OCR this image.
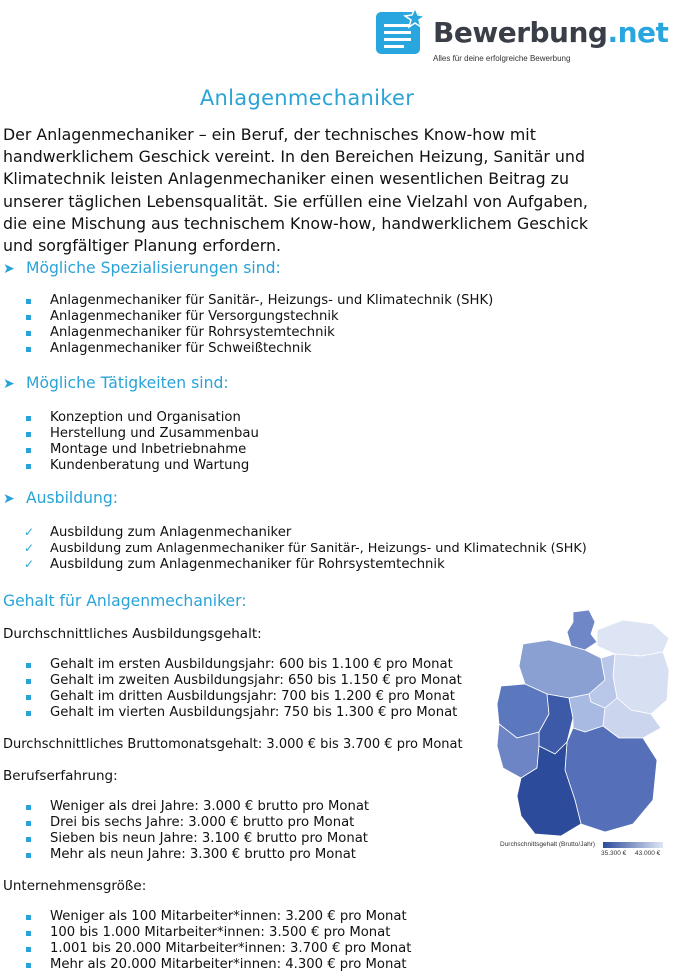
Bewerbung.net
Alles für deine erfolgreiche Bewerbung
Anlagenmechaniker
Der Anlagenmechaniker – ein Beruf, der technisches Know-how mit handwerklichem Geschick vereint. In den Bereichen Heizung, Sanitär und Klimatechnik leisten Anlagenmechaniker einen wesentlichen Beitrag zu unserer täglichen Lebensqualität. Sie erfüllen eine Vielzahl von Aufgaben, die eine Mischung aus technischem Know-how, handwerklichem Geschick und sorgfältiger Planung erfordern.
➤ Mögliche Spezialisierungen sind:
Anlagenmechaniker für Sanitär-, Heizungs- und Klimatechnik (SHK)
Anlagenmechaniker für Versorgungstechnik
Anlagenmechaniker für Rohrsystemtechnik
Anlagenmechaniker für Schweißtechnik
➤ Mögliche Tätigkeiten sind:
Konzeption und Organisation
Herstellung und Zusammenbau
Montage und Inbetriebnahme
Kundenberatung und Wartung
➤ Ausbildung:
✓ Ausbildung zum Anlagenmechaniker
✓ Ausbildung zum Anlagenmechaniker für Sanitär-, Heizungs- und Klimatechnik (SHK)
✓ Ausbildung zum Anlagenmechaniker für Rohrsystemtechnik
Gehalt für Anlagenmechaniker:
Durchschnittliches Ausbildungsgehalt:
Gehalt im ersten Ausbildungsjahr: 600 bis 1.100 € pro Monat
Gehalt im zweiten Ausbildungsjahr: 650 bis 1.150 € pro Monat
Gehalt im dritten Ausbildungsjahr: 700 bis 1.200 € pro Monat
Gehalt im vierten Ausbildungsjahr: 750 bis 1.300 € pro Monat
Durchschnittliches Bruttomonatsgehalt: 3.000 € bis 3.700 € pro Monat
Berufserfahrung:
Weniger als drei Jahre: 3.000 € brutto pro Monat
Drei bis sechs Jahre: 3.000 € brutto pro Monat
Sieben bis neun Jahre: 3.100 € brutto pro Monat
Mehr als neun Jahre: 3.300 € brutto pro Monat
Unternehmensgröße:
Weniger als 100 Mitarbeiter*innen: 3.200 € pro Monat
100 bis 1.000 Mitarbeiter*innen: 3.500 € pro Monat
1.001 bis 20.000 Mitarbeiter*innen: 3.700 € pro Monat
Mehr als 20.000 Mitarbeiter*innen: 4.300 € pro Monat
Durchschnittsgehalt (Brutto/Jahr)
35.300 € 43.000 €
